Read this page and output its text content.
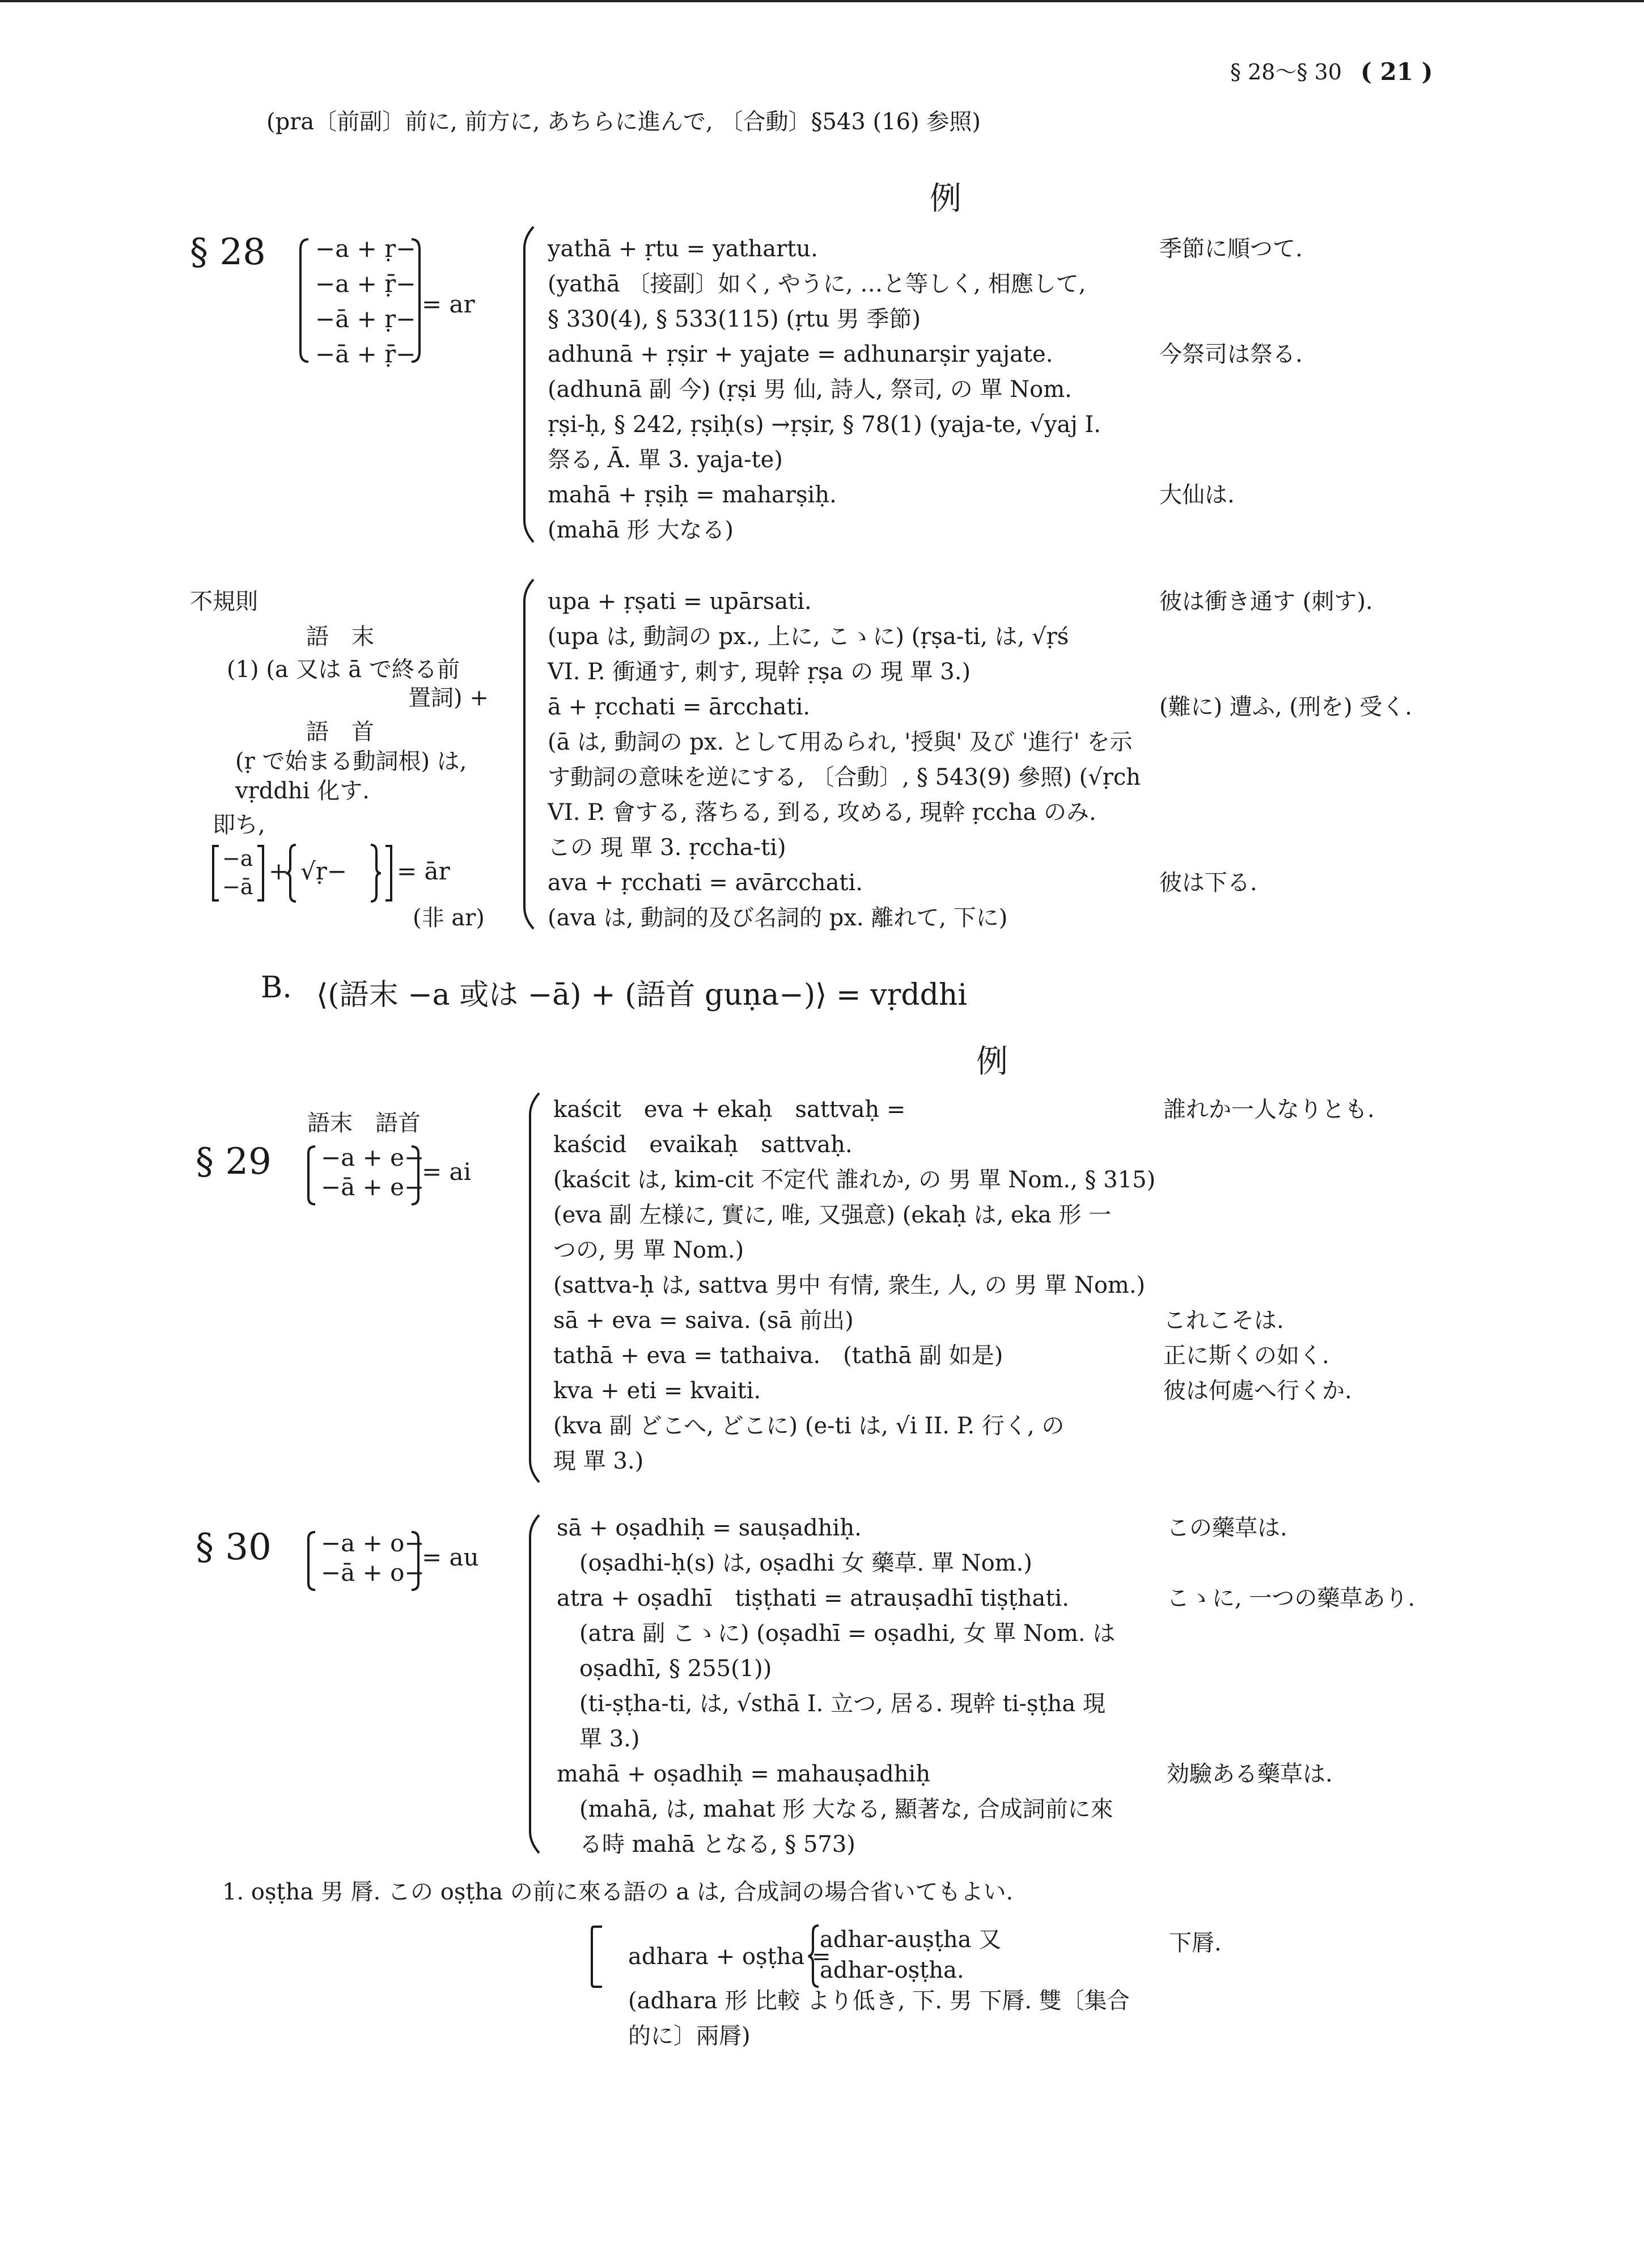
§ 28～§ 30 ( 21 )
(pra〔前副〕前に, 前方に, あちらに進んで, 〔合動〕§543 (16) 参照)
例
§ 28 −a + ṛ−
−a + ṝ−
−ā + ṛ−
−ā + ṝ−
= ar
yathā + ṛtu = yathartu.
(yathā 〔接副〕如く, やうに, …と等しく, 相應して,
§ 330(4), § 533(115) (ṛtu 男 季節)
adhunā + ṛṣir + yajate = adhunarṣir yajate.
(adhunā 副 今) (ṛṣi 男 仙, 詩人, 祭司, の 單 Nom.
ṛṣi-ḥ, § 242, ṛṣiḥ(s) →ṛṣir, § 78(1) (yaja-te, √yaj I.
祭る, Ā. 單 3. yaja-te)
mahā + ṛṣiḥ = maharṣiḥ.
(mahā 形 大なる)
季節に順つて.
今祭司は祭る.
大仙は.
不規則
語　末
(1) (a 又は ā で終る前
置詞) +
語　首
(ṛ で始まる動詞根) は,
vṛddhi 化す.
即ち,
−a
−ā
+ √ṛ− = ār
(非 ar)
upa + ṛṣati = upārsati.
(upa は, 動詞の px., 上に, こゝに) (ṛṣa-ti, は, √ṛś
VI. P. 衝通す, 刺す, 現幹 ṛṣa の 現 單 3.)
ā + ṛcchati = ārcchati.
(ā は, 動詞の px. として用ゐられ, '授與' 及び '進行' を示
す動詞の意味を逆にする, 〔合動〕, § 543(9) 參照) (√ṛch
VI. P. 會する, 落ちる, 到る, 攻める, 現幹 ṛccha のみ.
この 現 單 3. ṛccha-ti)
ava + ṛcchati = avārcchati.
(ava は, 動詞的及び名詞的 px. 離れて, 下に)
彼は衝き通す (刺す).
(難に) 遭ふ, (刑を) 受く.
彼は下る.
B. ⟨(語末 −a 或は −ā) + (語首 guṇa−)⟩ = vṛddhi
例
語末　語首
§ 29 −a + e−
−ā + e−
= ai
kaścit　eva + ekaḥ　sattvaḥ =
kaścid　evaikaḥ　sattvaḥ.
(kaścit は, kim-cit 不定代 誰れか, の 男 單 Nom., § 315)
(eva 副 左様に, 實に, 唯, 又强意) (ekaḥ は, eka 形 一
つの, 男 單 Nom.)
(sattva-ḥ は, sattva 男中 有情, 衆生, 人, の 男 單 Nom.)
sā + eva = saiva. (sā 前出)
tathā + eva = tathaiva.　(tathā 副 如是)
kva + eti = kvaiti.
(kva 副 どこへ, どこに) (e-ti は, √i II. P. 行く, の
現 單 3.)
誰れか一人なりとも.
これこそは.
正に斯くの如く.
彼は何處へ行くか.
§ 30 −a + o−
−ā + o−
= au
sā + oṣadhiḥ = sauṣadhiḥ.
(oṣadhi-ḥ(s) は, oṣadhi 女 藥草. 單 Nom.)
atra + oṣadhī　tiṣṭhati = atrauṣadhī tiṣṭhati.
(atra 副 こゝに) (oṣadhī = oṣadhi, 女 單 Nom. は
oṣadhī, § 255(1))
(ti-ṣṭha-ti, は, √sthā I. 立つ, 居る. 現幹 ti-ṣṭha 現
單 3.)
mahā + oṣadhiḥ = mahauṣadhiḥ
(mahā, は, mahat 形 大なる, 顯著な, 合成詞前に來
る時 mahā となる, § 573)
この藥草は.
こゝに, 一つの藥草あり.
効驗ある藥草は.
1. oṣṭha 男 脣. この oṣṭha の前に來る語の a は, 合成詞の場合省いてもよい.
adhara + oṣṭha =
adhar-auṣṭha 又
adhar-oṣṭha.
(adhara 形 比較 より低き, 下. 男 下脣. 雙〔集合
的に〕兩脣)
下脣.
